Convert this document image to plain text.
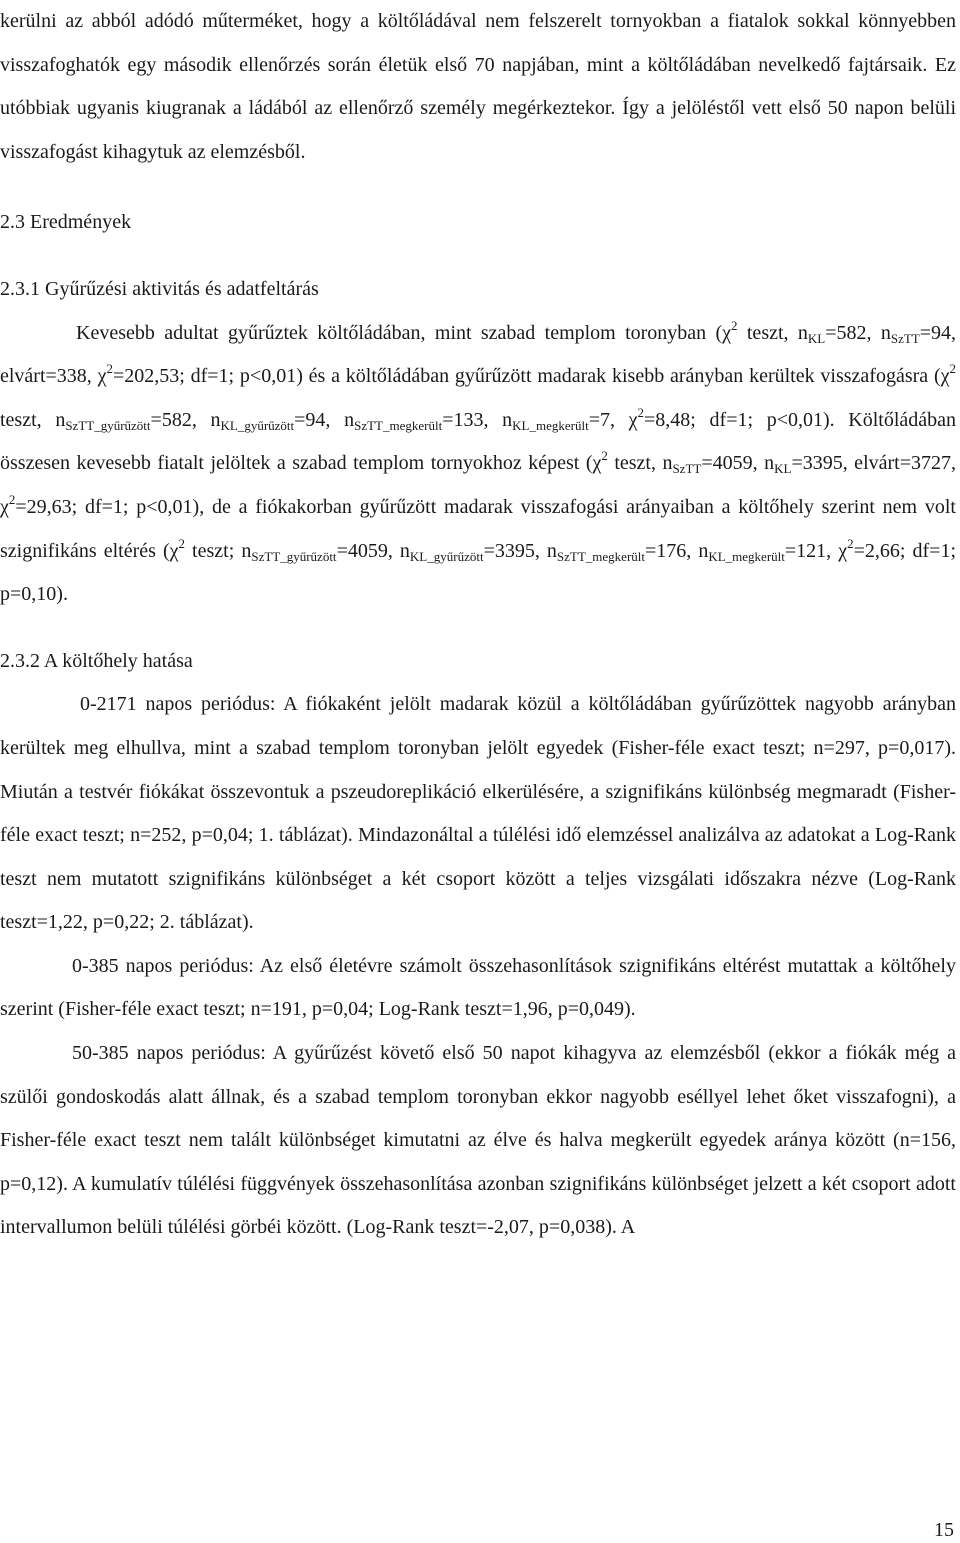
kerülni az abból adódó műterméket, hogy a költőládával nem felszerelt tornyokban a fiatalok sokkal könnyebben visszafoghatók egy második ellenőrzés során életük első 70 napjában, mint a költőládában nevelkedő fajtársaik. Ez utóbbiak ugyanis kiugranak a ládából az ellenőrző személy megérkeztekor. Így a jelöléstől vett első 50 napon belüli visszafogást kihagytuk az elemzésből.

2.3 Eredmények
2.3.1 Gyűrűzési aktivitás és adatfeltárás

Kevesebb adultat gyűrűztek költőládában, mint szabad templom toronyban ($\chi^2$ teszt, $n_{KL}=582$, $n_{SzTT}=94$, elvárt=338, $\chi^2=202,53$; df=1; p<0,01) és a költőládában gyűrűzött madarak kisebb arányban kerültek visszafogásra ($\chi^2$ teszt, $n_{SzTT\_gyűrűzött}=582$, $n_{KL\_gyűrűzött}=94$, $n_{SzTT\_megkerült}=133$, $n_{KL\_megkerült}=7$, $\chi^2=8,48$; df=1; p<0,01). Költőládában összesen kevesebb fiatalt jelöltek a szabad templom tornyokhoz képest ($\chi^2$ teszt, $n_{SzTT}=4059$, $n_{KL}=3395$, elvárt=3727, $\chi^2=29,63$; df=1; p<0,01), de a fiókakorban gyűrűzött madarak visszafogási arányaiban a költőhely szerint nem volt szignifikáns eltérés ($\chi^2$ teszt; $n_{SzTT\_gyűrűzött}=4059$, $n_{KL\_gyűrűzött}=3395$, $n_{SzTT\_megkerült}=176$, $n_{KL\_megkerült}=121$, $\chi^2=2,66$; df=1; p=0,10).

2.3.2 A költőhely hatása

0-2171 napos periódus: A fiókaként jelölt madarak közül a költőládában gyűrűzöttek nagyobb arányban kerültek meg elhullva, mint a szabad templom toronyban jelölt egyedek (Fisher-féle exact teszt; n=297, p=0,017). Miután a testvér fiókákat összevontuk a pszeudoreplikáció elkerülésére, a szignifikáns különbség megmaradt (Fisher-féle exact teszt; n=252, p=0,04; 1. táblázat). Mindazonáltal a túlélési idő elemzéssel analizálva az adatokat a Log-Rank teszt nem mutatott szignifikáns különbséget a két csoport között a teljes vizsgálati időszakra nézve (Log-Rank teszt=1,22, p=0,22; 2. táblázat).

0-385 napos periódus: Az első életévre számolt összehasonlítások szignifikáns eltérést mutattak a költőhely szerint (Fisher-féle exact teszt; n=191, p=0,04; Log-Rank teszt=1,96, p=0,049).

50-385 napos periódus: A gyűrűzést követő első 50 napot kihagyva az elemzésből (ekkor a fiókák még a szülői gondoskodás alatt állnak, és a szabad templom toronyban ekkor nagyobb eséllyel lehet őket visszafogni), a Fisher-féle exact teszt nem talált különbséget kimutatni az élve és halva megkerült egyedek aránya között (n=156, p=0,12). A kumulatív túlélési függvények összehasonlítása azonban szignifikáns különbséget jelzett a két csoport adott intervallumon belüli túlélési görbéi között. (Log-Rank teszt=-2,07, p=0,038). A

15
